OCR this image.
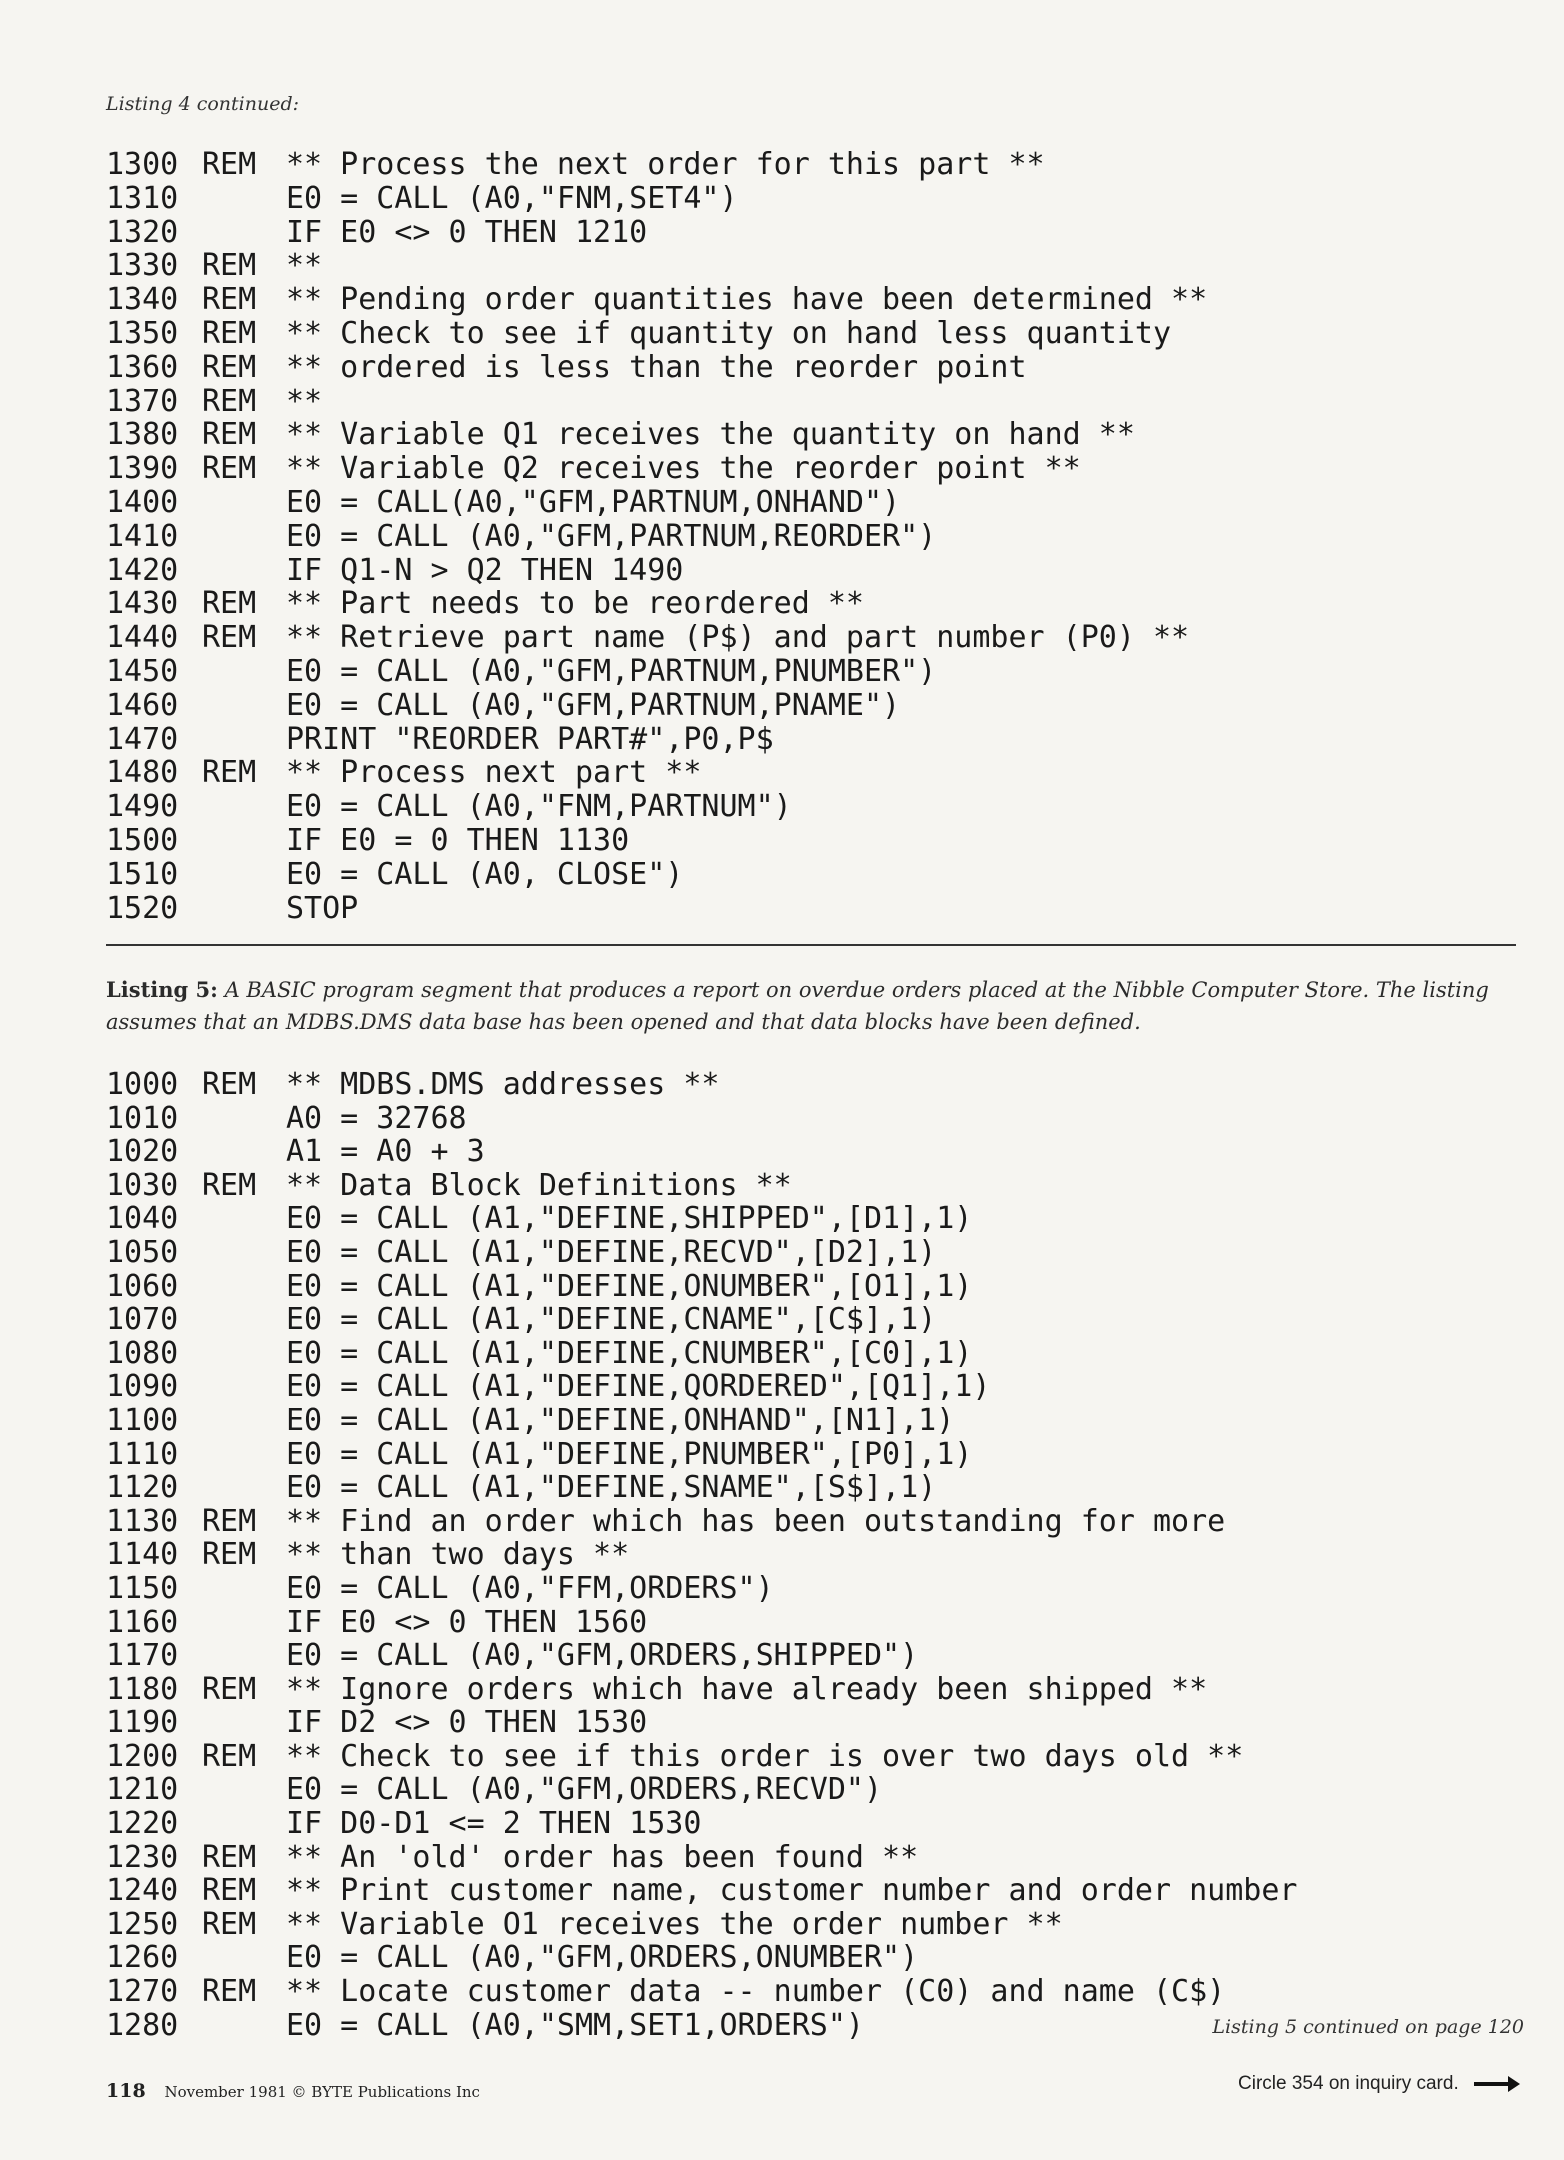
Listing 4 continued:
1300 REM ** Process the next order for this part **
1310	E0 = CALL (A0,"FNM,SET4")
1320	IF E0 <> 0 THEN 1210
1330 REM **
1340 REM ** Pending order quantities have been determined **
1350 REM ** Check to see if quantity on hand less quantity
1360 REM ** ordered is less than the reorder point
1370 REM **
1380 REM ** Variable Q1 receives the quantity on hand **
1390 REM ** Variable Q2 receives the reorder point **
1400	E0 = CALL(A0,"GFM,PARTNUM,ONHAND")
1410	E0 = CALL (A0,"GFM,PARTNUM,REORDER")
1420	IF Q1-N > Q2 THEN 1490
1430 REM ** Part needs to be reordered **
1440 REM ** Retrieve part name (P$) and part number (P0) **
1450	E0 = CALL (A0,"GFM,PARTNUM,PNUMBER")
1460	E0 = CALL (A0,"GFM,PARTNUM,PNAME")
1470	PRINT "REORDER PART#",P0,P$
1480 REM ** Process next part **
1490	E0 = CALL (A0,"FNM,PARTNUM")
1500	IF E0 = 0 THEN 1130
1510	E0 = CALL (A0, CLOSE")
1520	STOP
Listing 5: A BASIC program segment that produces a report on overdue orders placed at the Nibble Computer Store. The listing assumes that an MDBS.DMS data base has been opened and that data blocks have been defined.
1000 REM ** MDBS.DMS addresses **
1010	A0 = 32768
1020	A1 = A0 + 3
1030 REM ** Data Block Definitions **
1040	E0 = CALL (A1,"DEFINE,SHIPPED",[D1],1)
1050	E0 = CALL (A1,"DEFINE,RECVD",[D2],1)
1060	E0 = CALL (A1,"DEFINE,ONUMBER",[O1],1)
1070	E0 = CALL (A1,"DEFINE,CNAME",[C$],1)
1080	E0 = CALL (A1,"DEFINE,CNUMBER",[C0],1)
1090	E0 = CALL (A1,"DEFINE,QORDERED",[Q1],1)
1100	E0 = CALL (A1,"DEFINE,ONHAND",[N1],1)
1110	E0 = CALL (A1,"DEFINE,PNUMBER",[P0],1)
1120	E0 = CALL (A1,"DEFINE,SNAME",[S$],1)
1130 REM ** Find an order which has been outstanding for more
1140 REM ** than two days **
1150	E0 = CALL (A0,"FFM,ORDERS")
1160	IF E0 <> 0 THEN 1560
1170	E0 = CALL (A0,"GFM,ORDERS,SHIPPED")
1180 REM ** Ignore orders which have already been shipped **
1190	IF D2 <> 0 THEN 1530
1200 REM ** Check to see if this order is over two days old **
1210	E0 = CALL (A0,"GFM,ORDERS,RECVD")
1220	IF D0-D1 <= 2 THEN 1530
1230 REM ** An 'old' order has been found **
1240 REM ** Print customer name, customer number and order number
1250 REM ** Variable O1 receives the order number **
1260	E0 = CALL (A0,"GFM,ORDERS,ONUMBER")
1270 REM ** Locate customer data -- number (C0) and name (C$)
1280	E0 = CALL (A0,"SMM,SET1,ORDERS")	Listing 5 continued on page 120
118 November 1981 © BYTE Publications Inc	Circle 354 on inquiry card.
